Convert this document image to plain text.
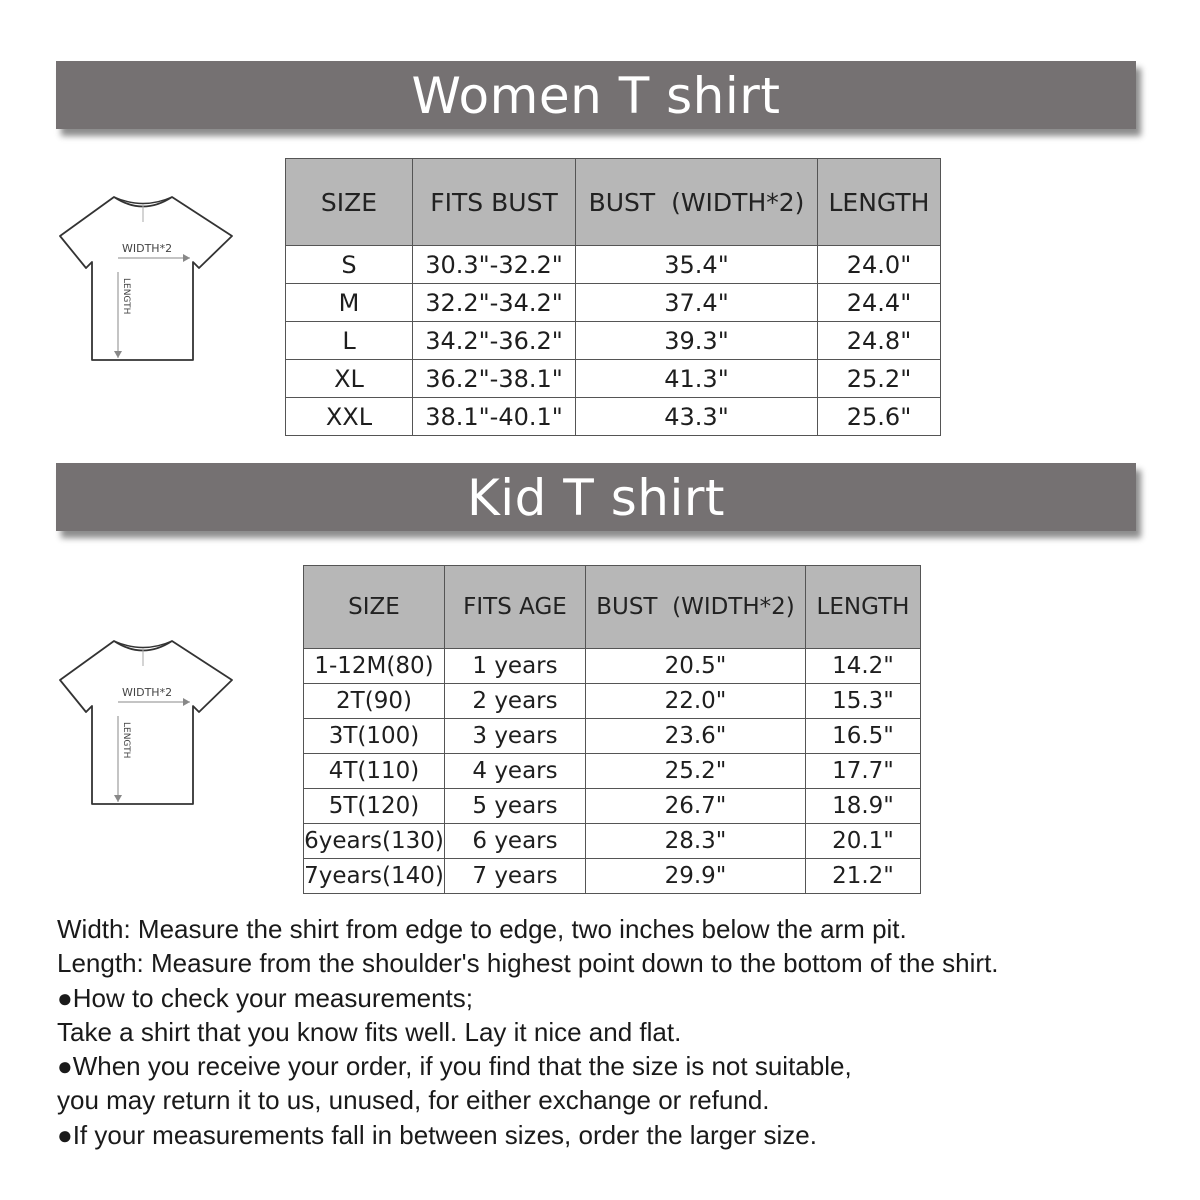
Women T shirt
WIDTH*2
LENGTH
SIZE	FITS BUST	BUST  (WIDTH*2)	LENGTH
S	30.3"-32.2"	35.4"	24.0"
M	32.2"-34.2"	37.4"	24.4"
L	34.2"-36.2"	39.3"	24.8"
XL	36.2"-38.1"	41.3"	25.2"
XXL	38.1"-40.1"	43.3"	25.6"
Kid T shirt
WIDTH*2
LENGTH
SIZE	FITS AGE	BUST  (WIDTH*2)	LENGTH
1-12M(80)	1 years	20.5"	14.2"
2T(90)	2 years	22.0"	15.3"
3T(100)	3 years	23.6"	16.5"
4T(110)	4 years	25.2"	17.7"
5T(120)	5 years	26.7"	18.9"
6years(130)	6 years	28.3"	20.1"
7years(140)	7 years	29.9"	21.2"

Width: Measure the shirt from edge to edge, two inches below the arm pit.

Length: Measure from the shoulder's highest point down to the bottom of the shirt.

●How to check your measurements;

Take a shirt that you know fits well. Lay it nice and flat.

●When you receive your order, if you find that the size is not suitable,

you may return it to us, unused, for either exchange or refund.

●If your measurements fall in between sizes, order the larger size.
